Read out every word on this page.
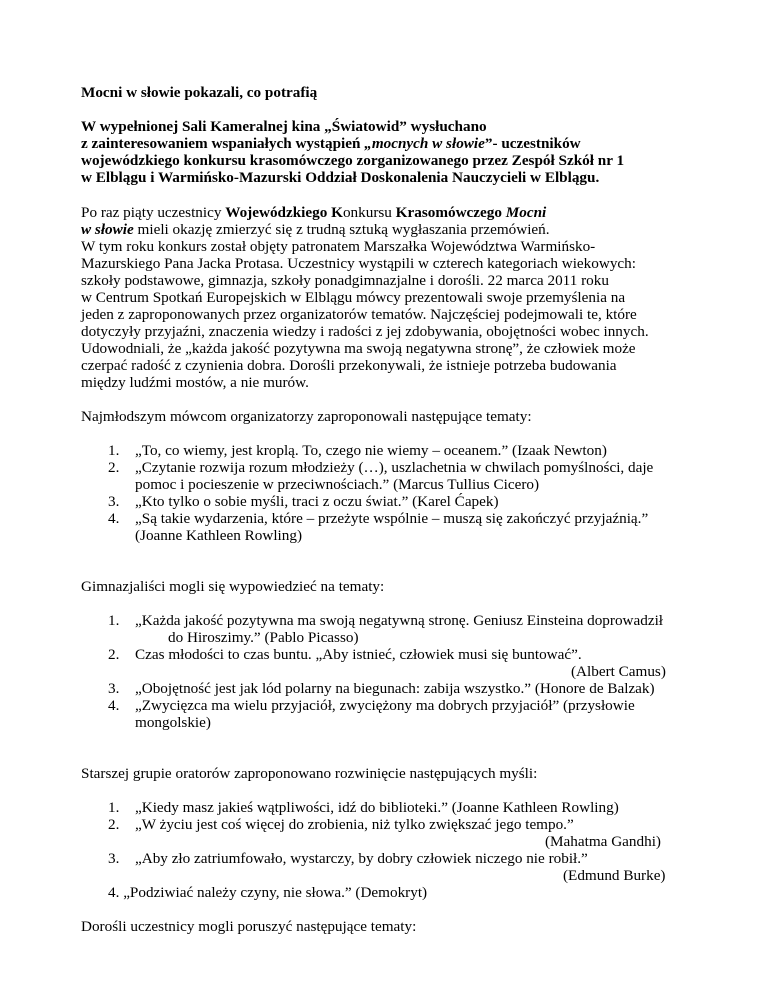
Mocni w słowie pokazali, co potrafią
W wypełnionej Sali Kameralnej kina „Światowid” wysłuchano
z zainteresowaniem wspaniałych wystąpień „mocnych w słowie”- uczestników
wojewódzkiego konkursu krasomówczego zorganizowanego przez Zespół Szkół nr 1
w Elblągu i Warmińsko-Mazurski Oddział Doskonalenia Nauczycieli w Elblągu.
Po raz piąty uczestnicy Wojewódzkiego Konkursu Krasomówczego Mocni
w słowie mieli okazję zmierzyć się z trudną sztuką wygłaszania przemówień.
W tym roku konkurs został objęty patronatem Marszałka Województwa Warmińsko-
Mazurskiego Pana Jacka Protasa. Uczestnicy wystąpili w czterech kategoriach wiekowych:
szkoły podstawowe, gimnazja, szkoły ponadgimnazjalne i dorośli. 22 marca 2011 roku
w Centrum Spotkań Europejskich w Elblągu mówcy prezentowali swoje przemyślenia na
jeden z zaproponowanych przez organizatorów tematów. Najczęściej podejmowali te, które
dotyczyły przyjaźni, znaczenia wiedzy i radości z jej zdobywania, obojętności wobec innych.
Udowodniali, że „każda jakość pozytywna ma swoją negatywna stronę”, że człowiek może
czerpać radość z czynienia dobra. Dorośli przekonywali, że istnieje potrzeba budowania
między ludźmi mostów, a nie murów.
Najmłodszym mówcom organizatorzy zaproponowali następujące tematy:
1. „To, co wiemy, jest kroplą. To, czego nie wiemy – oceanem.” (Izaak Newton)
2. „Czytanie rozwija rozum młodzieży (…), uszlachetnia w chwilach pomyślności, daje
pomoc i pocieszenie w przeciwnościach.” (Marcus Tullius Cicero)
3. „Kto tylko o sobie myśli, traci z oczu świat.” (Karel Ćapek)
4. „Są takie wydarzenia, które – przeżyte wspólnie – muszą się zakończyć przyjaźnią.”
(Joanne Kathleen Rowling)
Gimnazjaliści mogli się wypowiedzieć na tematy:
1. „Każda jakość pozytywna ma swoją negatywną stronę. Geniusz Einsteina doprowadził
do Hiroszimy.” (Pablo Picasso)
2. Czas młodości to czas buntu. „Aby istnieć, człowiek musi się buntować”.
(Albert Camus)
3. „Obojętność jest jak lód polarny na biegunach: zabija wszystko.” (Honore de Balzak)
4. „Zwycięzca ma wielu przyjaciół, zwyciężony ma dobrych przyjaciół” (przysłowie
mongolskie)
Starszej grupie oratorów zaproponowano rozwinięcie następujących myśli:
1. „Kiedy masz jakieś wątpliwości, idź do biblioteki.” (Joanne Kathleen Rowling)
2. „W życiu jest coś więcej do zrobienia, niż tylko zwiększać jego tempo.”
(Mahatma Gandhi)
3. „Aby zło zatriumfowało, wystarczy, by dobry człowiek niczego nie robił.”
(Edmund Burke)
4. „Podziwiać należy czyny, nie słowa.” (Demokryt)
Dorośli uczestnicy mogli poruszyć następujące tematy:
